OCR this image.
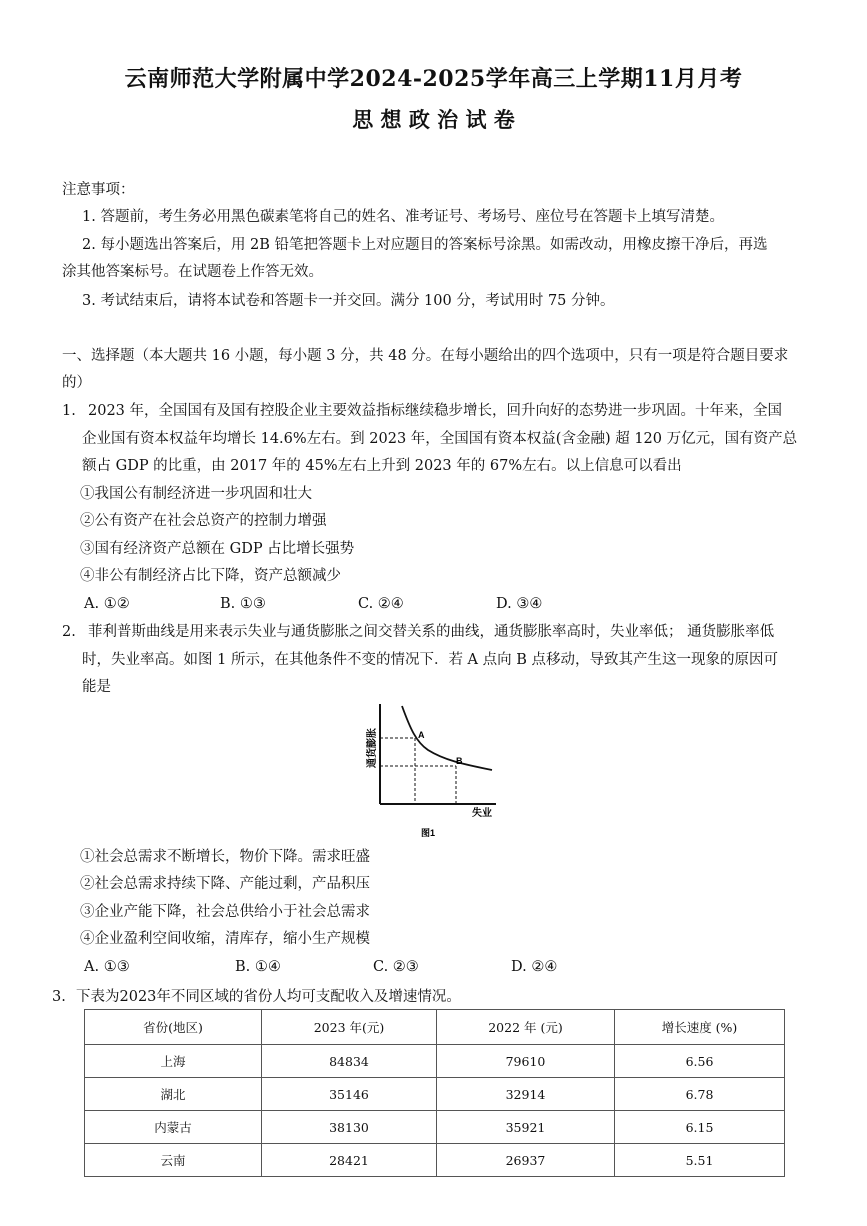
云南师范大学附属中学2024-2025学年高三上学期11月月考
思 想 政 治 试 卷
注意事项：
1. 答题前，考生务必用黑色碳素笔将自己的姓名、准考证号、考场号、座位号在答题卡上填写清楚。
2. 每小题选出答案后，用 2B 铅笔把答题卡上对应题目的答案标号涂黑。如需改动，用橡皮擦干净后，再选
涂其他答案标号。在试题卷上作答无效。
3. 考试结束后，请将本试卷和答题卡一并交回。满分 100 分，考试用时 75 分钟。
一、选择题（本大题共 16 小题，每小题 3 分，共 48 分。在每小题给出的四个选项中，只有一项是符合题目要求
的）
1. 2023 年，全国国有及国有控股企业主要效益指标继续稳步增长，回升向好的态势进一步巩固。十年来，全国
企业国有资本权益年均增长 14.6%左右。到 2023 年，全国国有资本权益(含金融) 超 120 万亿元，国有资产总
额占 GDP 的比重，由 2017 年的 45%左右上升到 2023 年的 67%左右。以上信息可以看出
①我国公有制经济进一步巩固和壮大
②公有资产在社会总资产的控制力增强
③国有经济资产总额在 GDP 占比增长强势
④非公有制经济占比下降，资产总额减少
A. ①②	B. ①③	C. ②④	D. ③④
2. 菲利普斯曲线是用来表示失业与通货膨胀之间交替关系的曲线，通货膨胀率高时，失业率低； 通货膨胀率低
时，失业率高。如图 1 所示，在其他条件不变的情况下．若 A 点向 B 点移动，导致其产生这一现象的原因可
能是
A
B
通货膨胀
失业
图1
①社会总需求不断增长，物价下降。需求旺盛
②社会总需求持续下降、产能过剩，产品积压
③企业产能下降，社会总供给小于社会总需求
④企业盈利空间收缩，清库存，缩小生产规模
A. ①③	B. ①④	C. ②③	D. ②④
3. 下表为2023年不同区域的省份人均可支配收入及增速情况。
省份(地区)	2023 年(元)	2022 年 (元)	增长速度 (%)
上海	84834	79610	6.56
湖北	35146	32914	6.78
内蒙古	38130	35921	6.15
云南	28421	26937	5.51
